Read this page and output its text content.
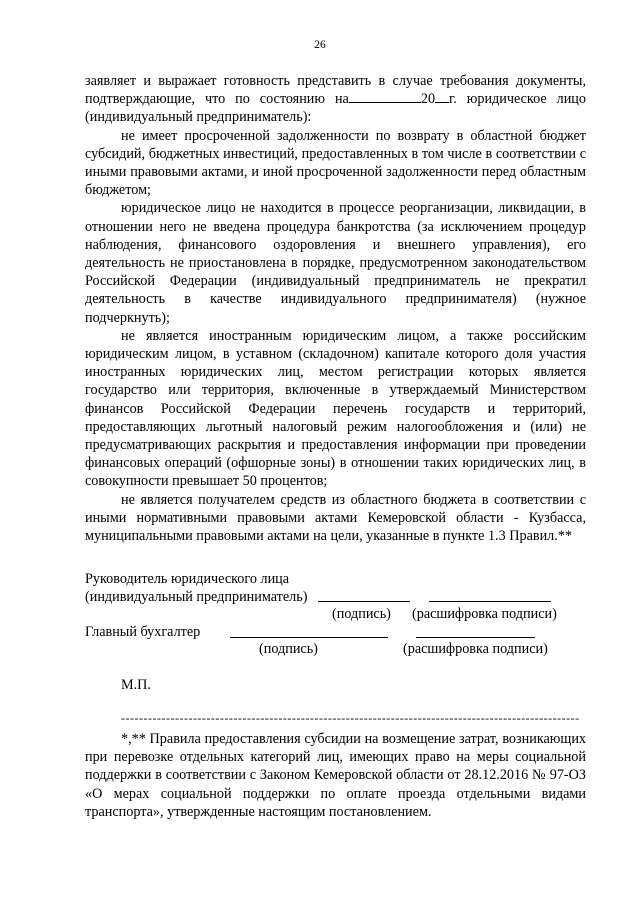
26

заявляет и выражает готовность представить в случае требования документы, подтверждающие, что по состоянию на	20 г. юридическое лицо (индивидуальный предприниматель):

не имеет просроченной задолженности по возврату в областной бюджет субсидий, бюджетных инвестиций, предоставленных в том числе в соответствии с иными правовыми актами, и иной просроченной задолженности перед областным бюджетом;

юридическое лицо не находится в процессе реорганизации, ликвидации, в отношении него не введена процедура банкротства (за исключением процедур наблюдения, финансового оздоровления и внешнего управления), его деятельность не приостановлена в порядке, предусмотренном законодательством Российской Федерации (индивидуальный предприниматель не прекратил деятельность в качестве индивидуального предпринимателя) (нужное подчеркнуть);

не является иностранным юридическим лицом, а также российским юридическим лицом, в уставном (складочном) капитале которого доля участия иностранных юридических лиц, местом регистрации которых является государство или территория, включенные в утверждаемый Министерством финансов Российской Федерации перечень государств и территорий, предоставляющих льготный налоговый режим налогообложения и (или) не предусматривающих раскрытия и предоставления информации при проведении финансовых операций (офшорные зоны) в отношении таких юридических лиц, в совокупности превышает 50 процентов;

не является получателем средств из областного бюджета в соответствии с иными нормативными правовыми актами Кемеровской области - Кузбасса, муниципальными правовыми актами на цели, указанные в пункте 1.3 Правил.**

Руководитель юридического лица
(индивидуальный предприниматель)
(подпись) (расшифровка подписи)
Главный бухгалтер
(подпись)	(расшифровка подписи)
М.П.
------------------------------------------------------------------------------------------------------

*,** Правила предоставления субсидии на возмещение затрат, возникающих при перевозке отдельных категорий лиц, имеющих право на меры социальной поддержки в соответствии с Законом Кемеровской области от 28.12.2016 № 97-ОЗ «О мерах социальной поддержки по оплате проезда отдельными видами транспорта», утвержденные настоящим постановлением.
